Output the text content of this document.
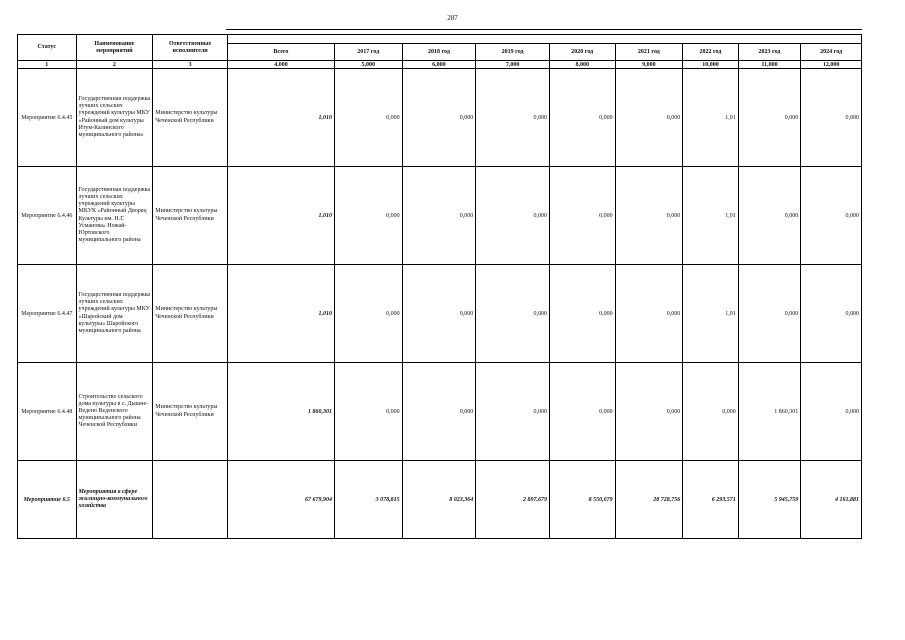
287
Статус	Наименование мероприятий	Ответственные исполнители									
			Всего	2017 год	2018 год	2019 год	2020 год	2021 год	2022 год	2023 год	2024 год
1	2	3	4,000	5,000	6,000	7,000	8,000	9,000	10,000	11,000	12,000
Мероприятие 6.4.45	Государственная поддержка лучших сельских учреждений культуры МКУ «Районный дом культуры Итум-Калинского муниципального района»	Министерство культуры Чеченской Республики	1,010	0,000	0,000	0,000	0,000	0,000	1,01	0,000	0,000
Мероприятие 6.4.46	Государственная поддержка лучших сельских учреждений культуры МКУК «Районный Дворец Культуры им. Н.Г. Усманова» Ножай-Юртовского муниципального района	Министерство культуры Чеченской Республики	1,010	0,000	0,000	0,000	0,000	0,000	1,01	0,000	0,000
Мероприятие 6.4.47	Государственная поддержка лучших сельских учреждений культуры МКУ «Шаройский дом культуры» Шаройского муниципального района	Министерство культуры Чеченской Республики	1,010	0,000	0,000	0,000	0,000	0,000	1,01	0,000	0,000
Мероприятие 6.4.48	Строительство сельского дома культуры в с. Дышне-Ведено Веденского муниципального района Чеченской Республики	Министерство культуры Чеченской Республики	1 860,301	0,000	0,000	0,000	0,000	0,000	0,000	1 860,301	0,000
Мероприятие 6.5	Мероприятия в сфере жилищно-коммунального хозяйства		67 679,904	3 078,815	8 023,364	2 897,679	8 550,079	28 728,756	6 293,571	5 945,759	4 161,881
